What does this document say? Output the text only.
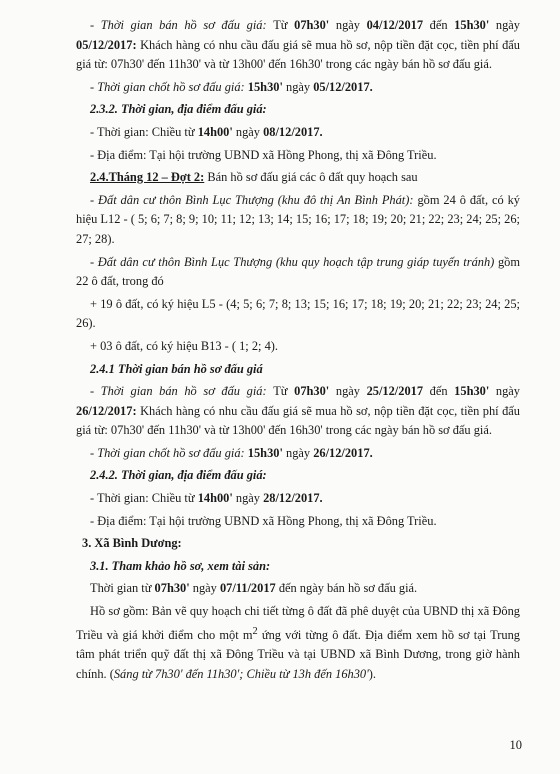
- Thời gian bán hồ sơ đấu giá: Từ 07h30' ngày 04/12/2017 đến 15h30' ngày 05/12/2017: Khách hàng có nhu cầu đấu giá sẽ mua hồ sơ, nộp tiền đặt cọc, tiền phí đấu giá từ: 07h30' đến 11h30' và từ 13h00' đến 16h30' trong các ngày bán hồ sơ đấu giá.

- Thời gian chốt hồ sơ đấu giá: 15h30' ngày 05/12/2017.

2.3.2. Thời gian, địa điểm đấu giá:

- Thời gian: Chiều từ 14h00' ngày 08/12/2017.

- Địa điểm: Tại hội trường UBND xã Hồng Phong, thị xã Đông Triều.

2.4.Tháng 12 – Đợt 2: Bán hồ sơ đấu giá các ô đất quy hoạch sau

- Đất dân cư thôn Bình Lục Thượng (khu đô thị An Bình Phát): gồm 24 ô đất, có ký hiệu L12 - ( 5; 6; 7; 8; 9; 10; 11; 12; 13; 14; 15; 16; 17; 18; 19; 20; 21; 22; 23; 24; 25; 26; 27; 28).

- Đất dân cư thôn Bình Lục Thượng (khu quy hoạch tập trung giáp tuyến tránh) gồm 22 ô đất, trong đó

+ 19 ô đất, có ký hiệu L5 - (4; 5; 6; 7; 8; 13; 15; 16; 17; 18; 19; 20; 21; 22; 23; 24; 25; 26).

+ 03 ô đất, có ký hiệu B13 - ( 1; 2; 4).

2.4.1 Thời gian bán hồ sơ đấu giá

- Thời gian bán hồ sơ đấu giá: Từ 07h30' ngày 25/12/2017 đến 15h30' ngày 26/12/2017: Khách hàng có nhu cầu đấu giá sẽ mua hồ sơ, nộp tiền đặt cọc, tiền phí đấu giá từ: 07h30' đến 11h30' và từ 13h00' đến 16h30' trong các ngày bán hồ sơ đấu giá.

- Thời gian chốt hồ sơ đấu giá: 15h30' ngày 26/12/2017.

2.4.2. Thời gian, địa điểm đấu giá:

- Thời gian: Chiều từ 14h00' ngày 28/12/2017.

- Địa điểm: Tại hội trường UBND xã Hồng Phong, thị xã Đông Triều.

3. Xã Bình Dương:

3.1. Tham khảo hồ sơ, xem tài sản:

Thời gian từ 07h30' ngày 07/11/2017 đến ngày bán hồ sơ đấu giá.

Hồ sơ gồm: Bản vẽ quy hoạch chi tiết từng ô đất đã phê duyệt của UBND thị xã Đông Triều và giá khởi điểm cho một $m^2$ ứng với từng ô đất. Địa điểm xem hồ sơ tại Trung tâm phát triển quỹ đất thị xã Đông Triều và tại UBND xã Bình Dương, trong giờ hành chính. (Sáng từ 7h30' đến 11h30'; Chiều từ 13h đến 16h30').

10
